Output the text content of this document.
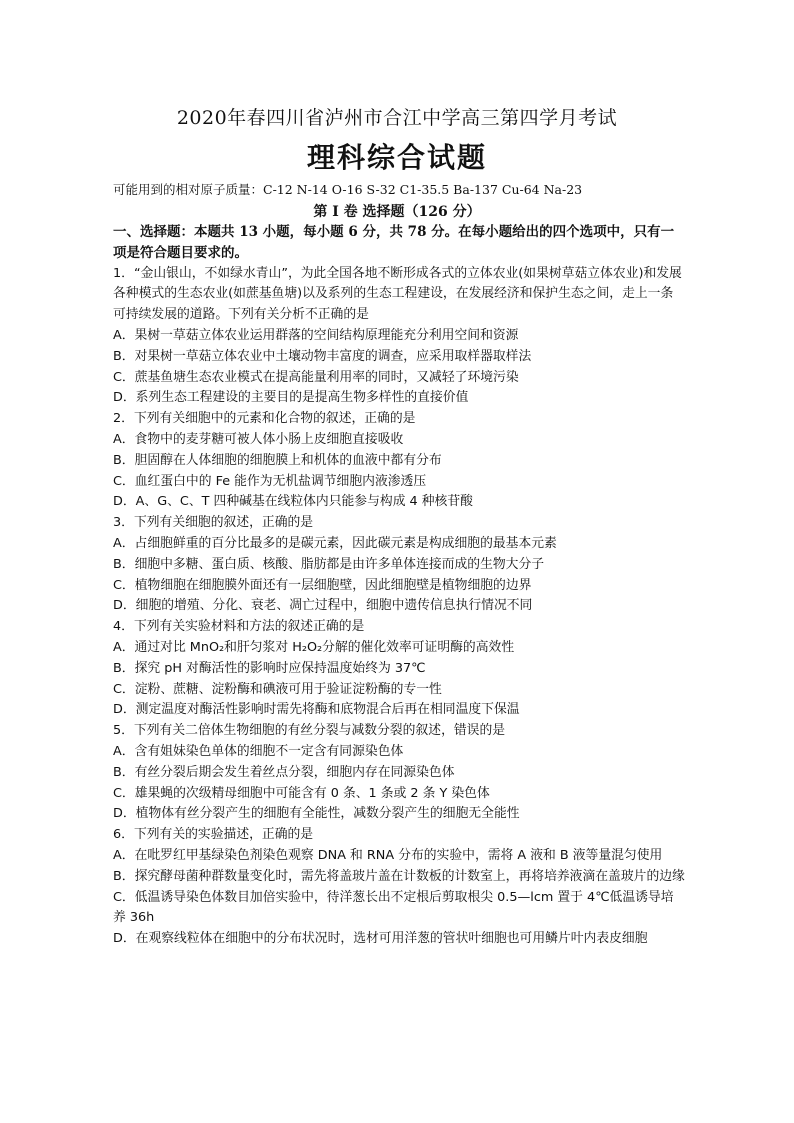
2020年春四川省泸州市合江中学高三第四学月考试
理科综合试题
可能用到的相对原子质量：C-12 N-14 O-16 S-32 C1-35.5 Ba-137 Cu-64 Na-23
第 I 卷 选择题（126 分）
一、选择题：本题共 13 小题，每小题 6 分，共 78 分。在每小题给出的四个选项中，只有一项是符合题目要求的。

1．“金山银山，不如绿水青山”，为此全国各地不断形成各式的立体农业(如果树草菇立体农业)和发展各种模式的生态农业(如蔗基鱼塘)以及系列的生态工程建设，在发展经济和保护生态之间，走上一条可持续发展的道路。下列有关分析不正确的是

A．果树一草菇立体农业运用群落的空间结构原理能充分利用空间和资源

B．对果树一草菇立体农业中土壤动物丰富度的调查，应采用取样器取样法

C．蔗基鱼塘生态农业模式在提高能量利用率的同时，又减轻了环境污染

D．系列生态工程建设的主要目的是提高生物多样性的直接价值

2．下列有关细胞中的元素和化合物的叙述，正确的是

A．食物中的麦芽糖可被人体小肠上皮细胞直接吸收

B．胆固醇在人体细胞的细胞膜上和机体的血液中都有分布

C．血红蛋白中的 Fe 能作为无机盐调节细胞内液渗透压

D．A、G、C、T 四种碱基在线粒体内只能参与构成 4 种核苷酸

3．下列有关细胞的叙述，正确的是

A．占细胞鲜重的百分比最多的是碳元素，因此碳元素是构成细胞的最基本元素

B．细胞中多糖、蛋白质、核酸、脂肪都是由许多单体连接而成的生物大分子

C．植物细胞在细胞膜外面还有一层细胞壁，因此细胞壁是植物细胞的边界

D．细胞的增殖、分化、衰老、凋亡过程中，细胞中遗传信息执行情况不同

4．下列有关实验材料和方法的叙述正确的是

A．通过对比 MnO₂和肝匀浆对 H₂O₂分解的催化效率可证明酶的高效性

B．探究 pH 对酶活性的影响时应保持温度始终为 37℃

C．淀粉、蔗糖、淀粉酶和碘液可用于验证淀粉酶的专一性

D．测定温度对酶活性影响时需先将酶和底物混合后再在相同温度下保温

5．下列有关二倍体生物细胞的有丝分裂与减数分裂的叙述，错误的是

A．含有姐妹染色单体的细胞不一定含有同源染色体

B．有丝分裂后期会发生着丝点分裂，细胞内存在同源染色体

C．雄果蝇的次级精母细胞中可能含有 0 条、1 条或 2 条 Y 染色体

D．植物体有丝分裂产生的细胞有全能性，减数分裂产生的细胞无全能性

6．下列有关的实验描述，正确的是

A．在吡罗红甲基绿染色剂染色观察 DNA 和 RNA 分布的实验中，需将 A 液和 B 液等量混匀使用

B．探究酵母菌种群数量变化时，需先将盖玻片盖在计数板的计数室上，再将培养液滴在盖玻片的边缘

C．低温诱导染色体数目加倍实验中，待洋葱长出不定根后剪取根尖 0.5—lcm 置于 4℃低温诱导培养 36h

D．在观察线粒体在细胞中的分布状况时，选材可用洋葱的管状叶细胞也可用鳞片叶内表皮细胞
